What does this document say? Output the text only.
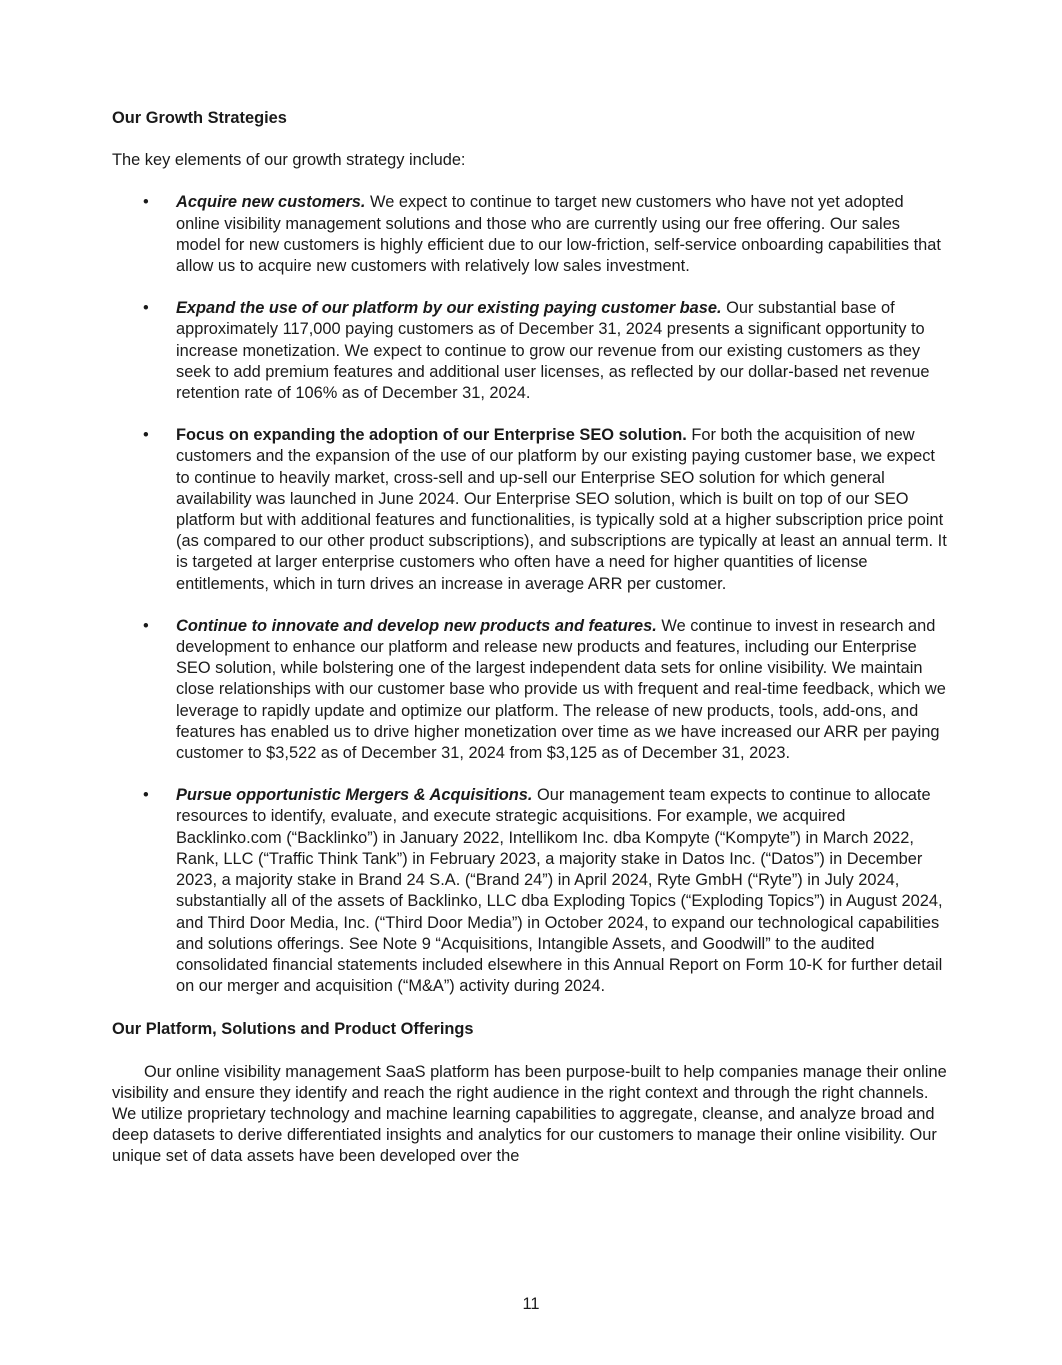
Our Growth Strategies

The key elements of our growth strategy include:

• Acquire new customers. We expect to continue to target new customers who have not yet adopted online visibility management solutions and those who are currently using our free offering. Our sales model for new customers is highly efficient due to our low-friction, self-service onboarding capabilities that allow us to acquire new customers with relatively low sales investment.
• Expand the use of our platform by our existing paying customer base. Our substantial base of approximately 117,000 paying customers as of December 31, 2024 presents a significant opportunity to increase monetization. We expect to continue to grow our revenue from our existing customers as they seek to add premium features and additional user licenses, as reflected by our dollar-based net revenue retention rate of 106% as of December 31, 2024.
• Focus on expanding the adoption of our Enterprise SEO solution. For both the acquisition of new customers and the expansion of the use of our platform by our existing paying customer base, we expect to continue to heavily market, cross-sell and up-sell our Enterprise SEO solution for which general availability was launched in June 2024. Our Enterprise SEO solution, which is built on top of our SEO platform but with additional features and functionalities, is typically sold at a higher subscription price point (as compared to our other product subscriptions), and subscriptions are typically at least an annual term. It is targeted at larger enterprise customers who often have a need for higher quantities of license entitlements, which in turn drives an increase in average ARR per customer.
• Continue to innovate and develop new products and features. We continue to invest in research and development to enhance our platform and release new products and features, including our Enterprise SEO solution, while bolstering one of the largest independent data sets for online visibility. We maintain close relationships with our customer base who provide us with frequent and real-time feedback, which we leverage to rapidly update and optimize our platform. The release of new products, tools, add-ons, and features has enabled us to drive higher monetization over time as we have increased our ARR per paying customer to $3,522 as of December 31, 2024 from $3,125 as of December 31, 2023.
• Pursue opportunistic Mergers & Acquisitions. Our management team expects to continue to allocate resources to identify, evaluate, and execute strategic acquisitions. For example, we acquired Backlinko.com (“Backlinko”) in January 2022, Intellikom Inc. dba Kompyte (“Kompyte”) in March 2022, Rank, LLC (“Traffic Think Tank”) in February 2023, a majority stake in Datos Inc. (“Datos”) in December 2023, a majority stake in Brand 24 S.A. (“Brand 24”) in April 2024, Ryte GmbH (“Ryte”) in July 2024, substantially all of the assets of Backlinko, LLC dba Exploding Topics (“Exploding Topics”) in August 2024, and Third Door Media, Inc. (“Third Door Media”) in October 2024, to expand our technological capabilities and solutions offerings. See Note 9 “Acquisitions, Intangible Assets, and Goodwill” to the audited consolidated financial statements included elsewhere in this Annual Report on Form 10-K for further detail on our merger and acquisition (“M&A”) activity during 2024.

Our Platform, Solutions and Product Offerings

Our online visibility management SaaS platform has been purpose-built to help companies manage their online visibility and ensure they identify and reach the right audience in the right context and through the right channels. We utilize proprietary technology and machine learning capabilities to aggregate, cleanse, and analyze broad and deep datasets to derive differentiated insights and analytics for our customers to manage their online visibility. Our unique set of data assets have been developed over the

11
